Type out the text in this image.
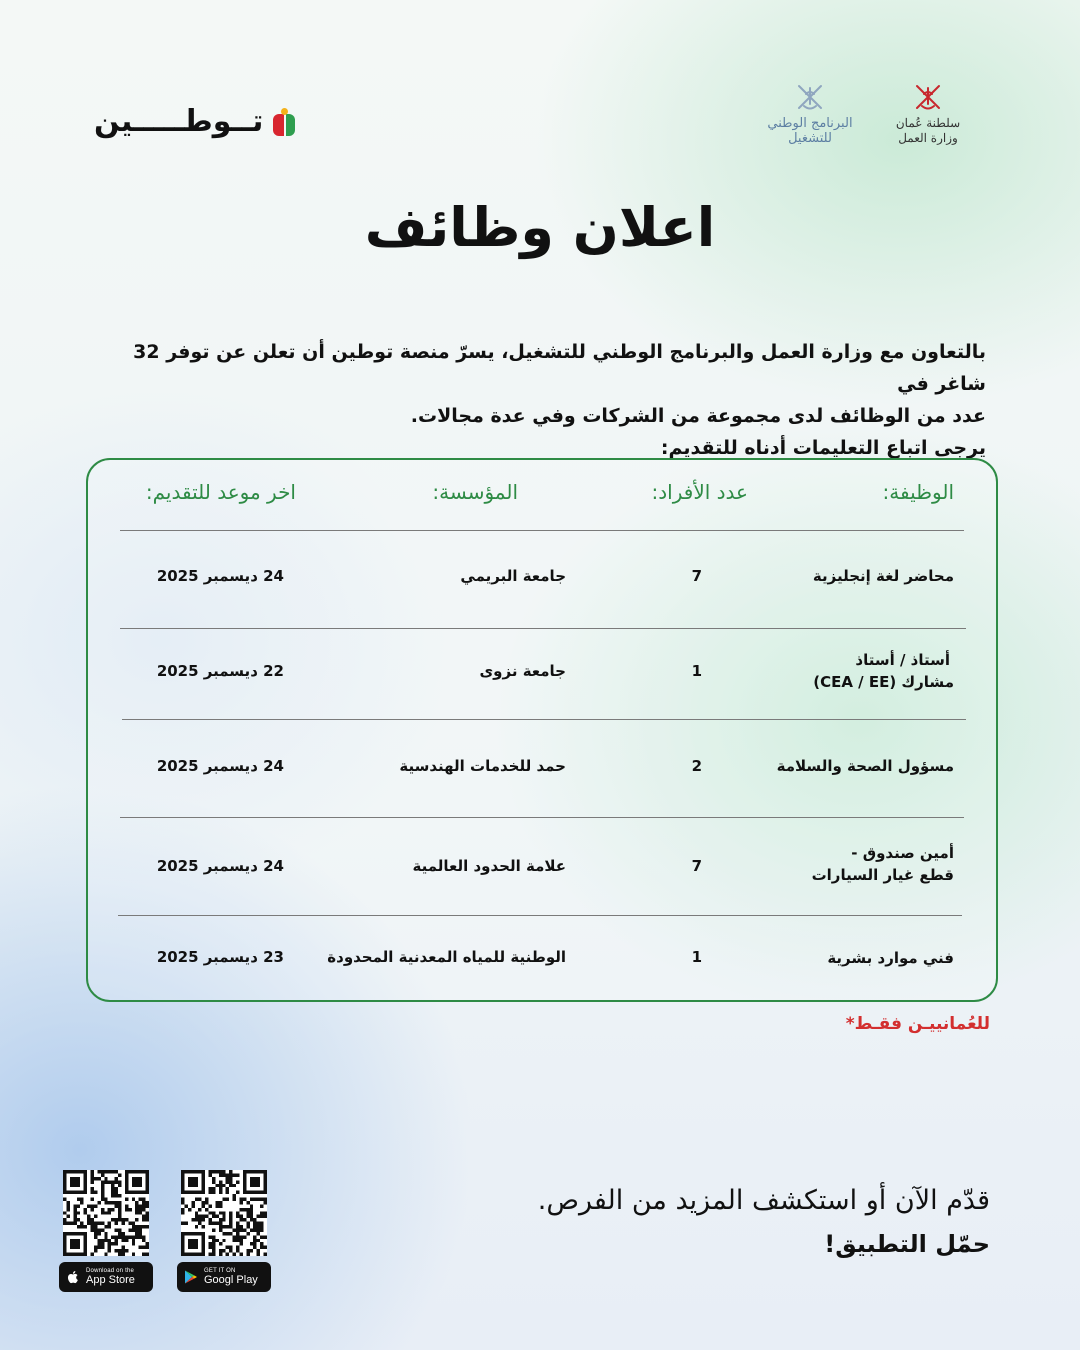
تــوطـــــين	البرنامج الوطني
للتشغيل
سلطنة عُمان
وزارة العمل
اعلان وظائف

بالتعاون مع وزارة العمل والبرنامج الوطني للتشغيل، يسرّ منصة توطين أن تعلن عن توفر 32 شاغر في

عدد من الوظائف لدى مجموعة من الشركات وفي عدة مجالات.

يرجى اتباع التعليمات أدناه للتقديم:

الوظيفة:
عدد الأفراد:
المؤسسة:
اخر موعد للتقديم:
محاضر لغة إنجليزية
7
جامعة البريمي
24 ديسمبر 2025
أستاذ / أستاذ
مشارك (CEA / EE)
1
جامعة نزوى
22 ديسمبر 2025
مسؤول الصحة والسلامة
2
حمد للخدمات الهندسية
24 ديسمبر 2025
أمين صندوق -
قطع غيار السيارات
7
علامة الحدود العالمية
24 ديسمبر 2025
فني موارد بشرية
1
الوطنية للمياه المعدنية المحدودة
23 ديسمبر 2025
للعُمانييـن فقـط*
قدّم الآن أو استكشف المزيد من الفرص.
حمّل التطبيق!
Download on the
App Store
GET IT ON
Googl Play
